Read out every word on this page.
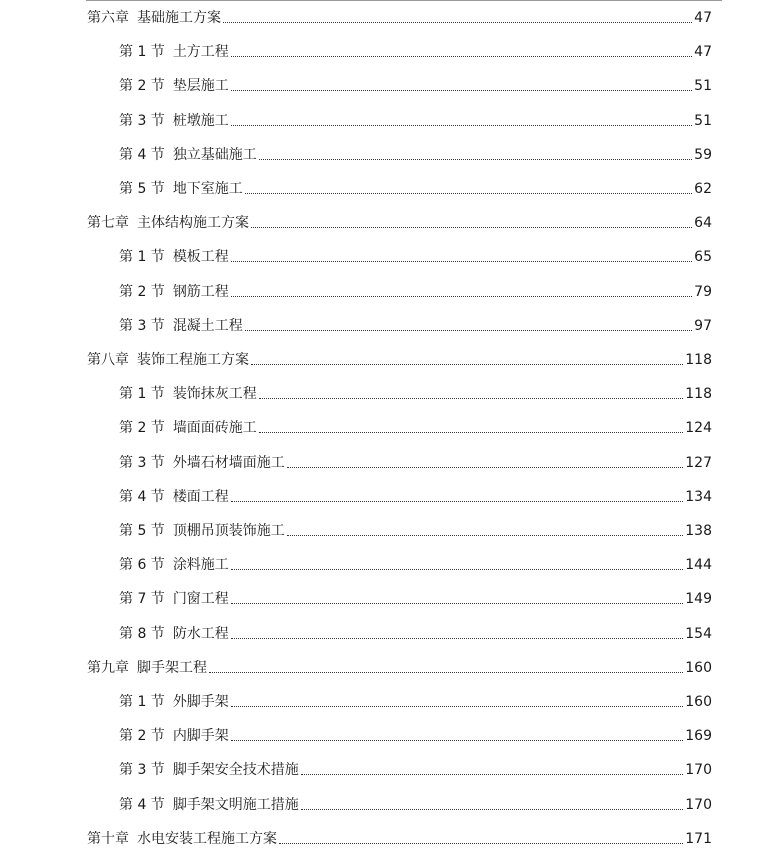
第六章 基础施工方案	47
第 1 节 土方工程	47
第 2 节 垫层施工	51
第 3 节 桩墩施工	51
第 4 节 独立基础施工	59
第 5 节 地下室施工	62
第七章 主体结构施工方案	64
第 1 节 模板工程	65
第 2 节 钢筋工程	79
第 3 节 混凝土工程	97
第八章 装饰工程施工方案	118
第 1 节 装饰抹灰工程	118
第 2 节 墙面面砖施工	124
第 3 节 外墙石材墙面施工	127
第 4 节 楼面工程	134
第 5 节 顶棚吊顶装饰施工	138
第 6 节 涂料施工	144
第 7 节 门窗工程	149
第 8 节 防水工程	154
第九章 脚手架工程	160
第 1 节 外脚手架	160
第 2 节 内脚手架	169
第 3 节 脚手架安全技术措施	170
第 4 节 脚手架文明施工措施	170
第十章 水电安装工程施工方案	171
